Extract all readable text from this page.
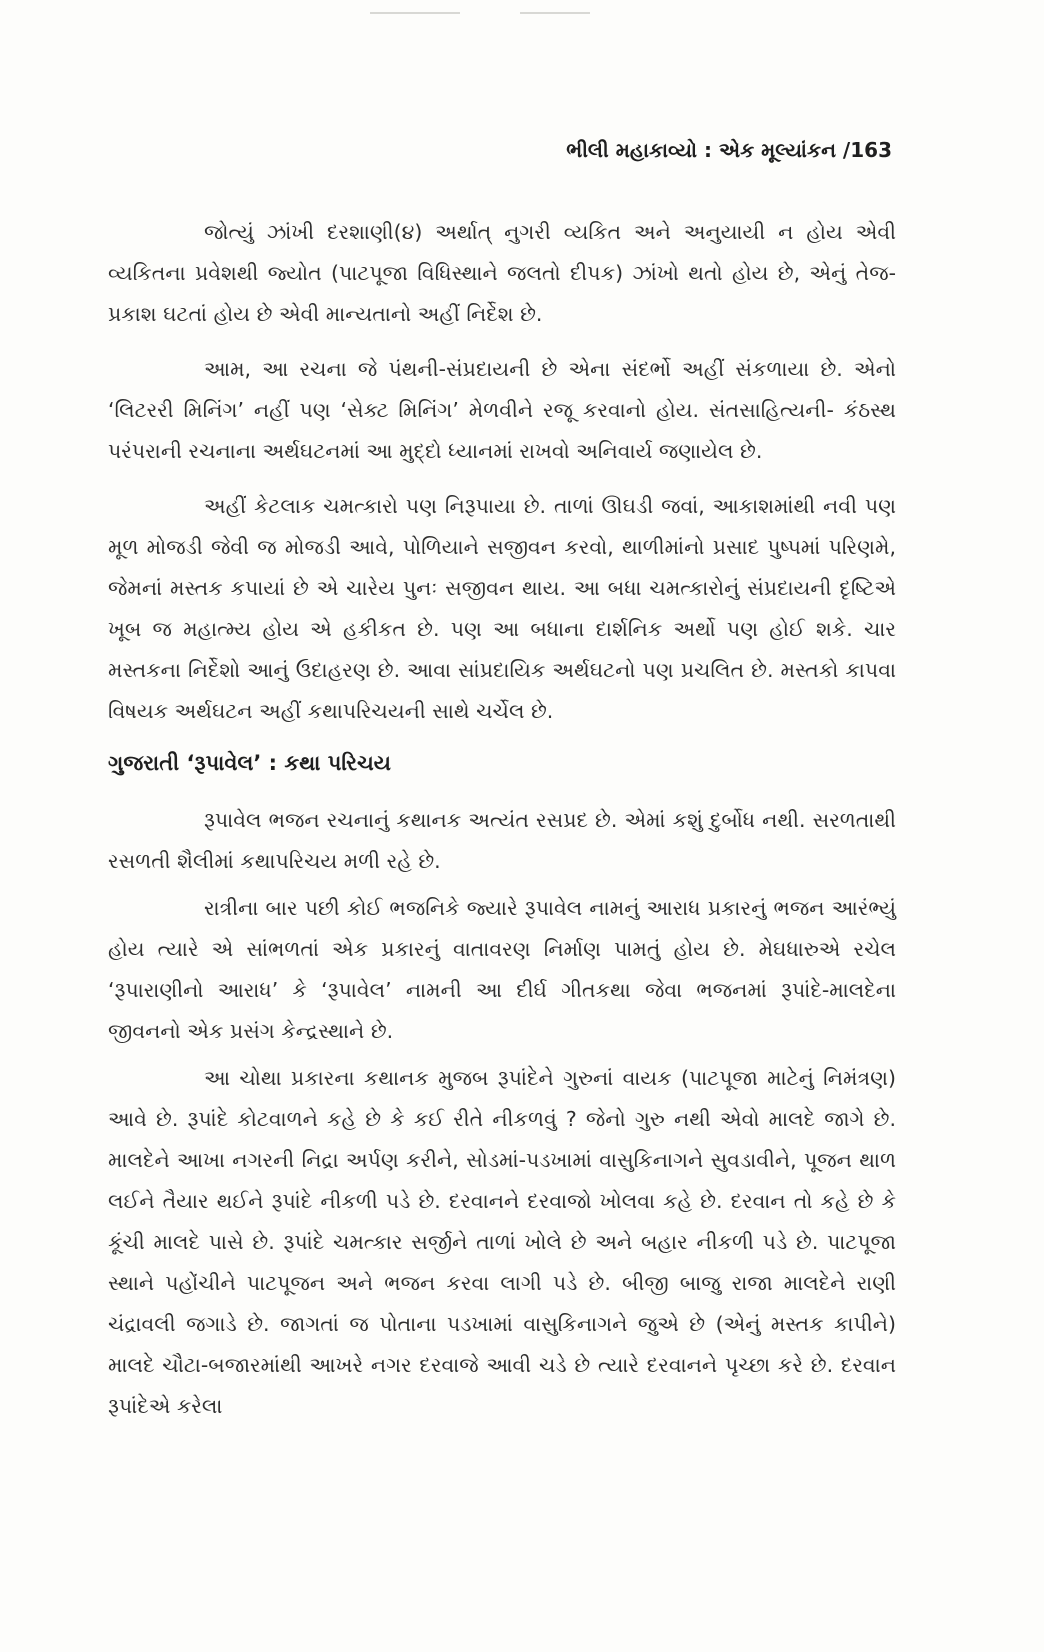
ભીલી મહાકાવ્યો : એક મૂલ્યાંકન /163

જોત્યું ઝાંખી દરશાણી(૪) અર્થાત્ નુગરી વ્યકિત અને અનુયાયી ન હોય એવી વ્યકિતના પ્રવેશથી જ્યોત (પાટપૂજા વિધિસ્થાને જલતો દીપક) ઝાંખો થતો હોય છે, એનું તેજ-પ્રકાશ ઘટતાં હોય છે એવી માન્યતાનો અહીં નિર્દેશ છે.

આમ, આ રચના જે પંથની-સંપ્રદાયની છે એના સંદર્ભો અહીં સંકળાયા છે. એનો ‘લિટરરી મિનિંગ’ નહીં પણ ‘સેક્ટ મિનિંગ’ મેળવીને રજૂ કરવાનો હોય. સંતસાહિત્યની- કંઠસ્થ પરંપરાની રચનાના અર્થઘટનમાં આ મુદ્દો ધ્યાનમાં રાખવો અનિવાર્ય જણાયેલ છે.

અહીં કેટલાક ચમત્કારો પણ નિરૂપાયા છે. તાળાં ઊઘડી જવાં, આકાશમાંથી નવી પણ મૂળ મોજડી જેવી જ મોજડી આવે, પોળિયાને સજીવન કરવો, થાળીમાંનો પ્રસાદ પુષ્પમાં પરિણમે, જેમનાં મસ્તક કપાયાં છે એ ચારેય પુનઃ સજીવન થાય. આ બધા ચમત્કારોનું સંપ્રદાયની દૃષ્ટિએ ખૂબ જ મહાત્મ્ય હોય એ હકીકત છે. પણ આ બધાના દાર્શનિક અર્થો પણ હોઈ શકે. ચાર મસ્તકના નિર્દેશો આનું ઉદાહરણ છે. આવા સાંપ્રદાયિક અર્થઘટનો પણ પ્રચલિત છે. મસ્તકો કાપવા વિષયક અર્થઘટન અહીં કથાપરિચયની સાથે ચર્ચેલ છે.

ગુજરાતી ‘રૂપાવેલ’ : કથા પરિચય

રૂપાવેલ ભજન રચનાનું કથાનક અત્યંત રસપ્રદ છે. એમાં કશું દુર્બોધ નથી. સરળતાથી રસળતી શૈલીમાં કથાપરિચય મળી રહે છે.

રાત્રીના બાર પછી કોઈ ભજનિકે જ્યારે રૂપાવેલ નામનું આરાધ પ્રકારનું ભજન આરંભ્યું હોય ત્યારે એ સાંભળતાં એક પ્રકારનું વાતાવરણ નિર્માણ પામતું હોય છે. મેઘધારુએ રચેલ ‘રૂપારાણીનો આરાધ’ કે ‘રૂપાવેલ’ નામની આ દીર્ઘ ગીતકથા જેવા ભજનમાં રૂપાંદે-માલદેના જીવનનો એક પ્રસંગ કેન્દ્રસ્થાને છે.

આ ચોથા પ્રકારના કથાનક મુજબ રૂપાંદેને ગુરુનાં વાયક (પાટપૂજા માટેનું નિમંત્રણ) આવે છે. રૂપાંદે કોટવાળને કહે છે કે કઈ રીતે નીકળવું ? જેનો ગુરુ નથી એવો માલદે જાગે છે. માલદેને આખા નગરની નિદ્રા અર્પણ કરીને, સોડમાં-પડખામાં વાસુકિનાગને સુવડાવીને, પૂજન થાળ લઈને તૈયાર થઈને રૂપાંદે નીકળી પડે છે. દરવાનને દરવાજો ખોલવા કહે છે. દરવાન તો કહે છે કે કૂંચી માલદે પાસે છે. રૂપાંદે ચમત્કાર સર્જીને તાળાં ખોલે છે અને બહાર નીકળી પડે છે. પાટપૂજા સ્થાને પહોંચીને પાટપૂજન અને ભજન કરવા લાગી પડે છે. બીજી બાજુ રાજા માલદેને રાણી ચંદ્રાવલી જગાડે છે. જાગતાં જ પોતાના પડખામાં વાસુકિનાગને જુએ છે (એનું મસ્તક કાપીને) માલદે ચૌટા-બજારમાંથી આખરે નગર દરવાજે આવી ચડે છે ત્યારે દરવાનને પૃચ્છા કરે છે. દરવાન રૂપાંદેએ કરેલા
